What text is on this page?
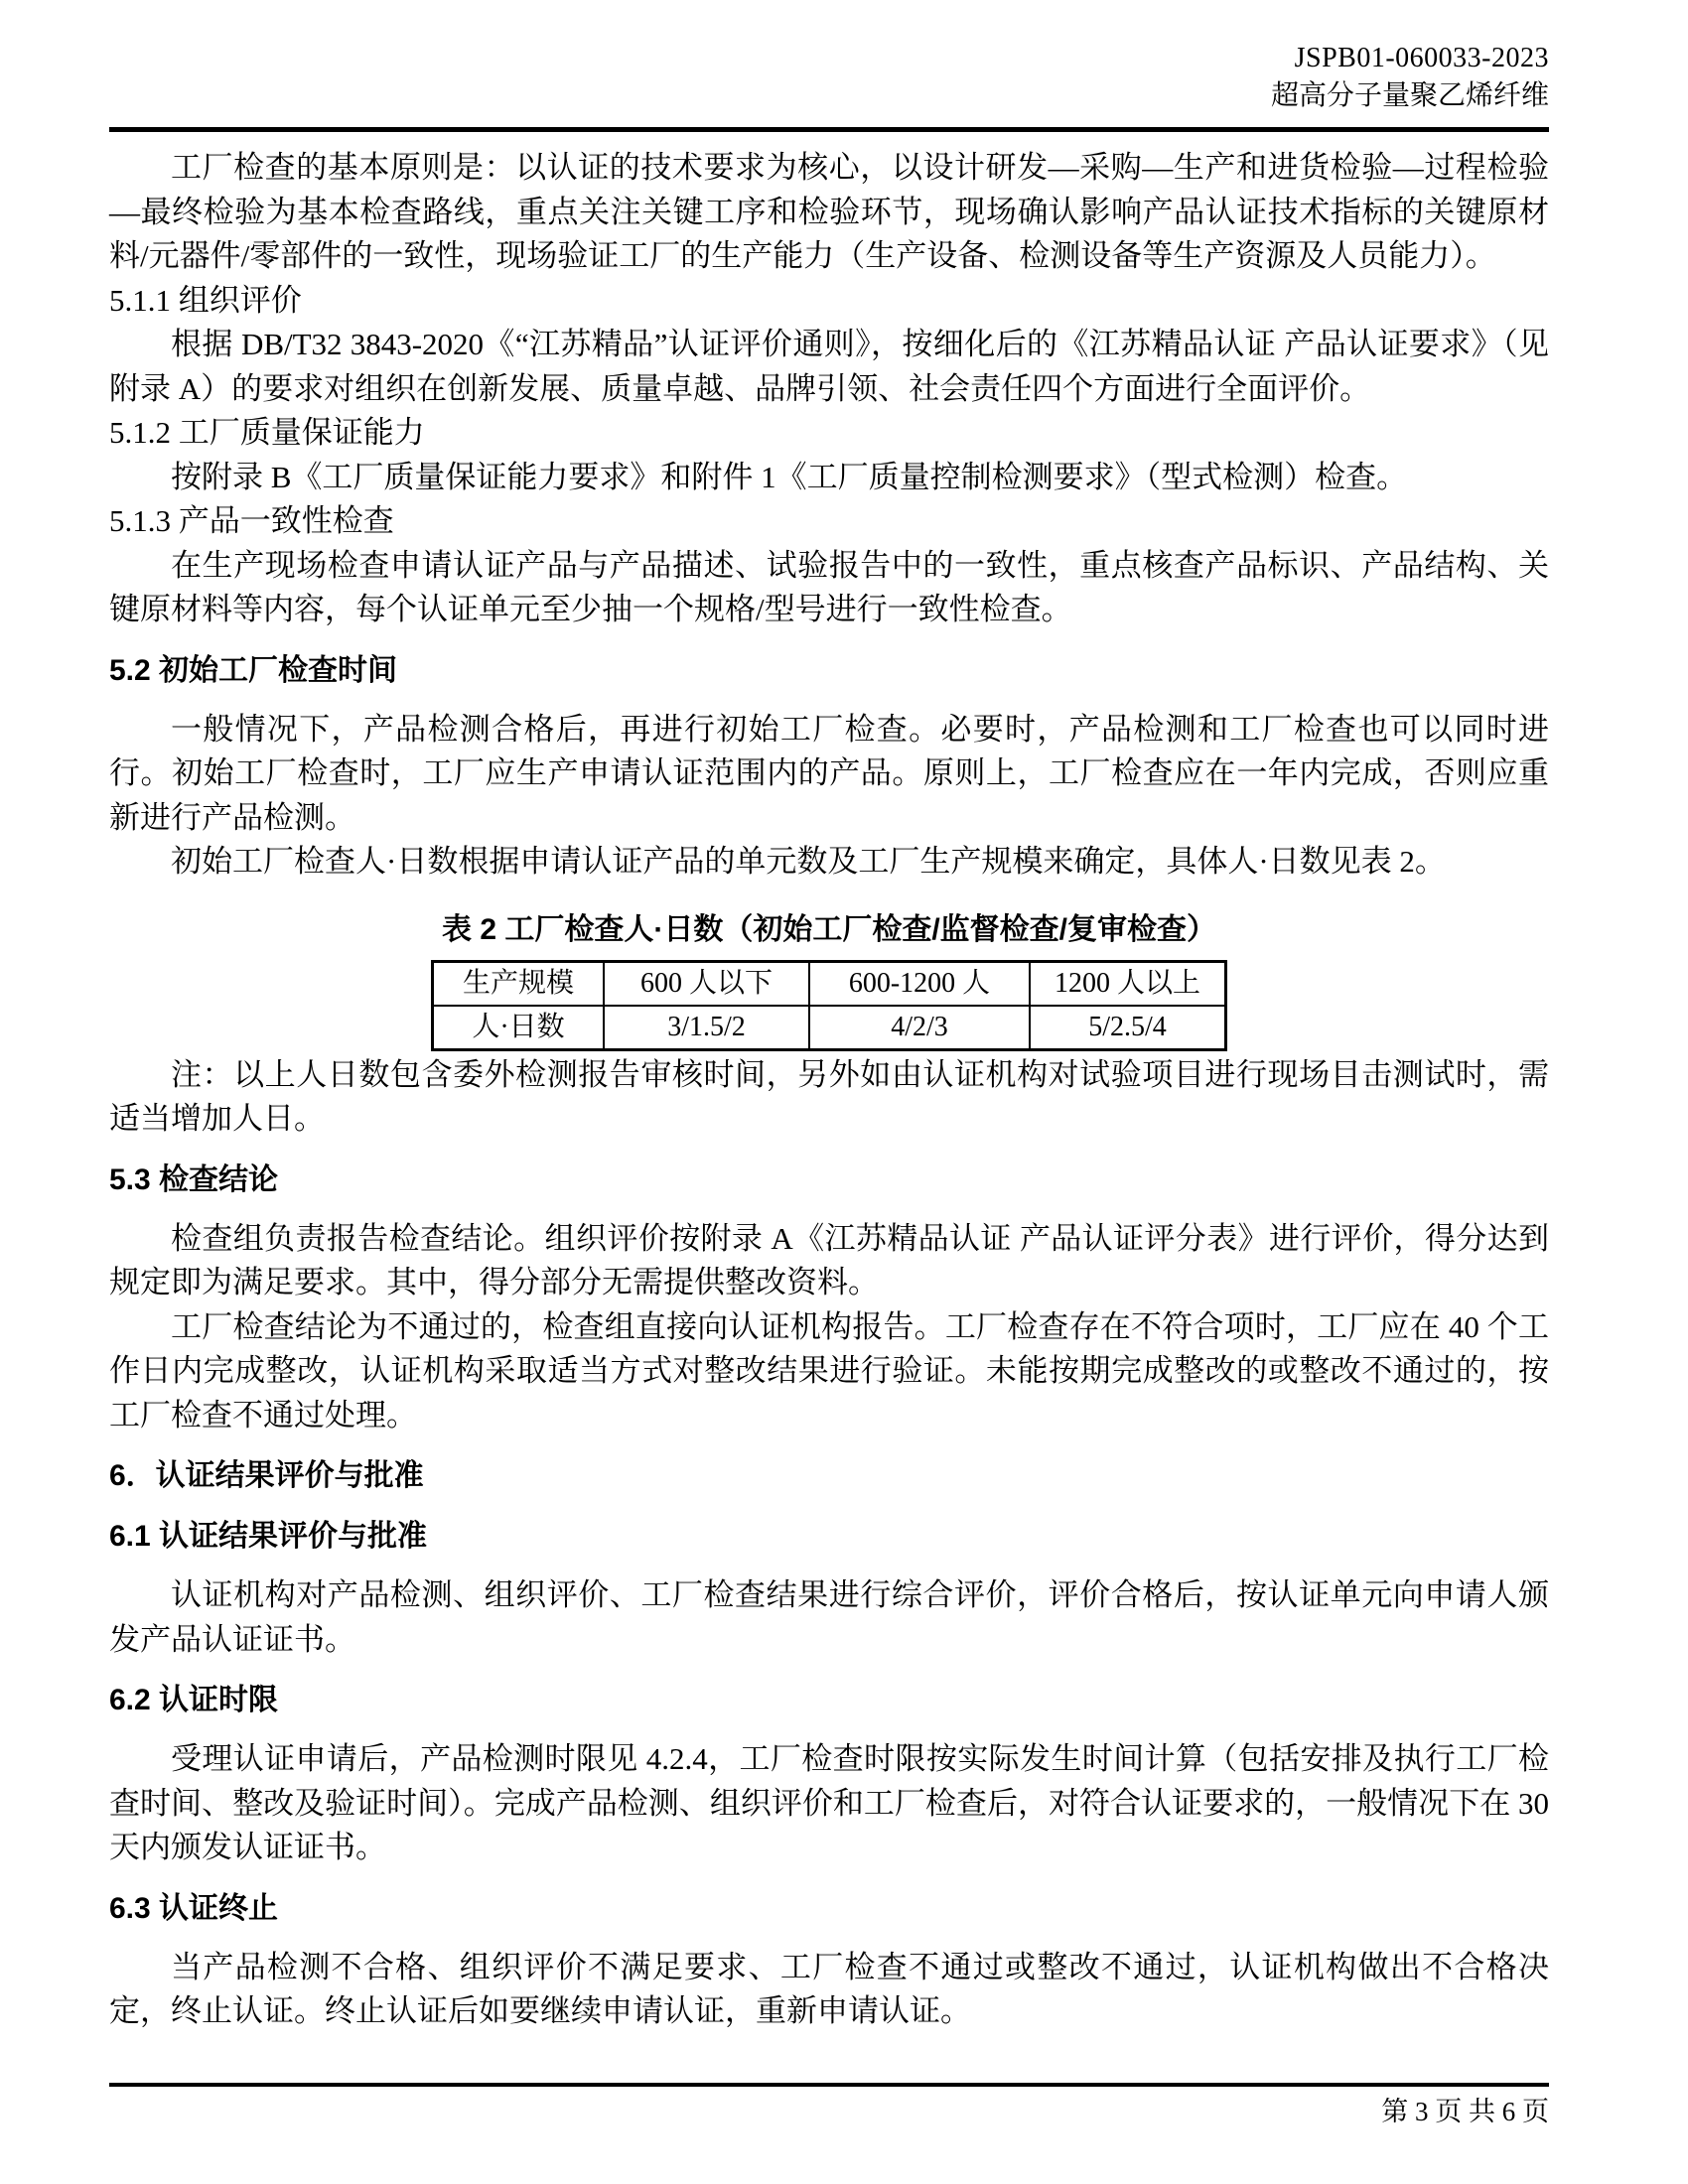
JSPB01-060033-2023
超高分子量聚乙烯纤维

工厂检查的基本原则是：以认证的技术要求为核心，以设计研发—采购—生产和进货检验—过程检验—最终检验为基本检查路线，重点关注关键工序和检验环节，现场确认影响产品认证技术指标的关键原材料/元器件/零部件的一致性，现场验证工厂的生产能力（生产设备、检测设备等生产资源及人员能力）。

5.1.1 组织评价

根据 DB/T32 3843-2020《“江苏精品”认证评价通则》，按细化后的《江苏精品认证 产品认证要求》（见附录 A）的要求对组织在创新发展、质量卓越、品牌引领、社会责任四个方面进行全面评价。

5.1.2 工厂质量保证能力

按附录 B《工厂质量保证能力要求》和附件 1《工厂质量控制检测要求》（型式检测）检查。

5.1.3 产品一致性检查

在生产现场检查申请认证产品与产品描述、试验报告中的一致性，重点核查产品标识、产品结构、关键原材料等内容，每个认证单元至少抽一个规格/型号进行一致性检查。

5.2 初始工厂检查时间

一般情况下，产品检测合格后，再进行初始工厂检查。必要时，产品检测和工厂检查也可以同时进行。初始工厂检查时，工厂应生产申请认证范围内的产品。原则上，工厂检查应在一年内完成，否则应重新进行产品检测。

初始工厂检查人·日数根据申请认证产品的单元数及工厂生产规模来确定，具体人·日数见表 2。

表 2 工厂检查人·日数（初始工厂检查/监督检查/复审检查）

生产规模	600 人以下	600-1200 人	1200 人以上
人·日数	3/1.5/2	4/2/3	5/2.5/4

注：以上人日数包含委外检测报告审核时间，另外如由认证机构对试验项目进行现场目击测试时，需适当增加人日。

5.3 检查结论

检查组负责报告检查结论。组织评价按附录 A《江苏精品认证 产品认证评分表》进行评价，得分达到规定即为满足要求。其中，得分部分无需提供整改资料。

工厂检查结论为不通过的，检查组直接向认证机构报告。工厂检查存在不符合项时，工厂应在 40 个工作日内完成整改，认证机构采取适当方式对整改结果进行验证。未能按期完成整改的或整改不通过的，按工厂检查不通过处理。

6．认证结果评价与批准

6.1 认证结果评价与批准

认证机构对产品检测、组织评价、工厂检查结果进行综合评价，评价合格后，按认证单元向申请人颁发产品认证证书。

6.2 认证时限

受理认证申请后，产品检测时限见 4.2.4，工厂检查时限按实际发生时间计算（包括安排及执行工厂检查时间、整改及验证时间）。完成产品检测、组织评价和工厂检查后，对符合认证要求的，一般情况下在 30 天内颁发认证证书。

6.3 认证终止

当产品检测不合格、组织评价不满足要求、工厂检查不通过或整改不通过，认证机构做出不合格决定，终止认证。终止认证后如要继续申请认证，重新申请认证。

第 3 页 共 6 页
